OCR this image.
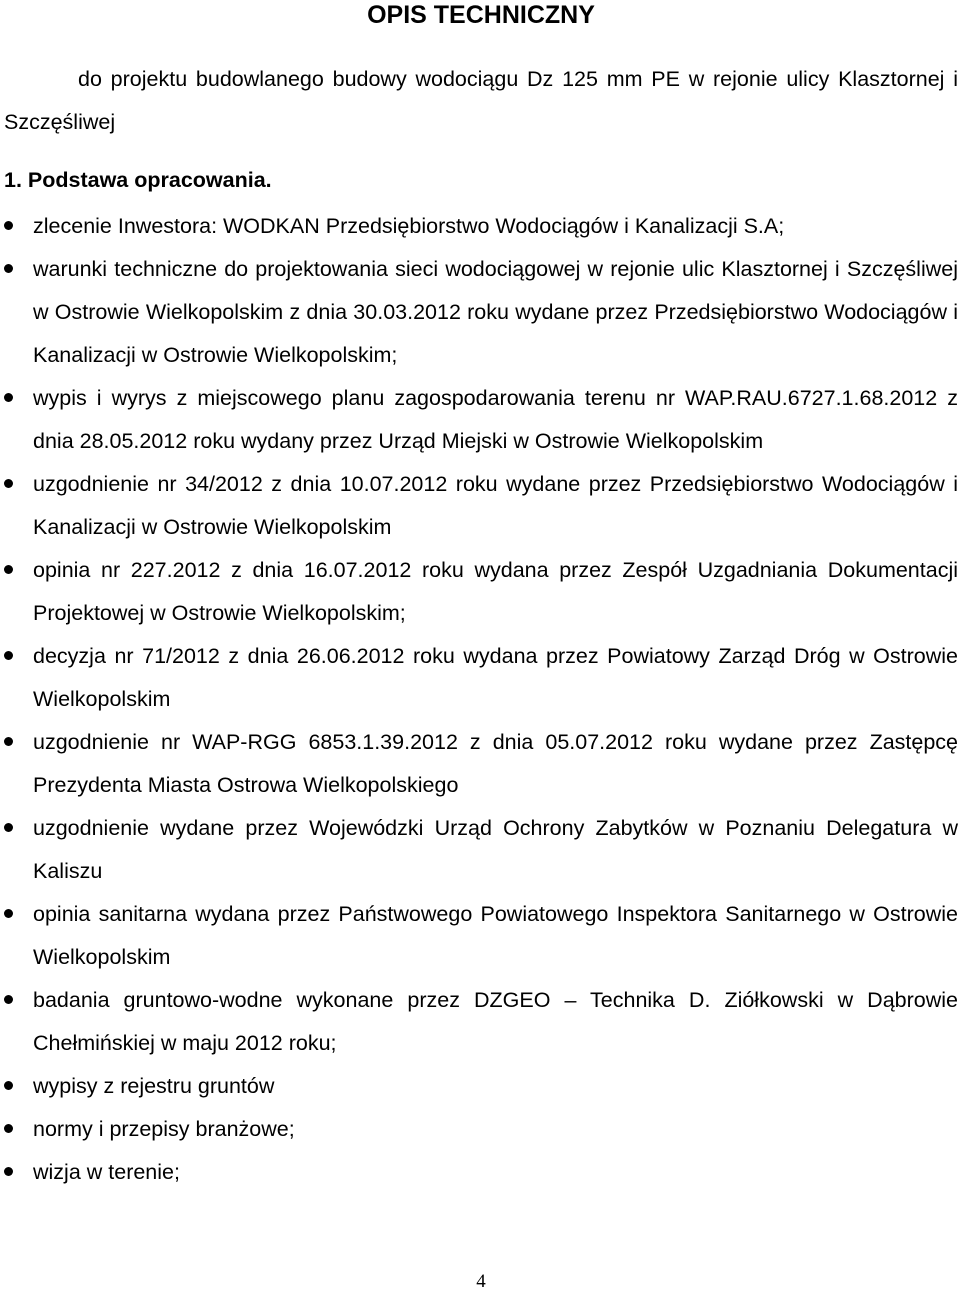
OPIS TECHNICZNY

do projektu budowlanego budowy wodociągu Dz 125 mm PE w rejonie ulicy Klasztornej i Szczęśliwej

1. Podstawa opracowania.
zlecenie Inwestora: WODKAN Przedsiębiorstwo Wodociągów i Kanalizacji S.A;
warunki techniczne do projektowania sieci wodociągowej w rejonie ulic Klasztornej i Szczęśliwej w Ostrowie Wielkopolskim z dnia 30.03.2012 roku wydane przez Przedsiębiorstwo Wodociągów i Kanalizacji w Ostrowie Wielkopolskim;
wypis i wyrys z miejscowego planu zagospodarowania terenu nr WAP.RAU.6727.1.68.2012 z dnia 28.05.2012 roku wydany przez Urząd Miejski w Ostrowie Wielkopolskim
uzgodnienie nr 34/2012 z dnia 10.07.2012 roku wydane przez Przedsiębiorstwo Wodociągów i Kanalizacji w Ostrowie Wielkopolskim
opinia nr 227.2012 z dnia 16.07.2012 roku wydana przez Zespół Uzgadniania Dokumentacji Projektowej w Ostrowie Wielkopolskim;
decyzja nr 71/2012 z dnia 26.06.2012 roku wydana przez Powiatowy Zarząd Dróg w Ostrowie Wielkopolskim
uzgodnienie nr WAP-RGG 6853.1.39.2012 z dnia 05.07.2012 roku wydane przez Zastępcę Prezydenta Miasta Ostrowa Wielkopolskiego
uzgodnienie wydane przez Wojewódzki Urząd Ochrony Zabytków w Poznaniu Delegatura w Kaliszu
opinia sanitarna wydana przez Państwowego Powiatowego Inspektora Sanitarnego w Ostrowie Wielkopolskim
badania gruntowo-wodne wykonane przez DZGEO – Technika D. Ziółkowski w Dąbrowie Chełmińskiej w maju 2012 roku;
wypisy z rejestru gruntów
normy i przepisy branżowe;
wizja w terenie;
4
